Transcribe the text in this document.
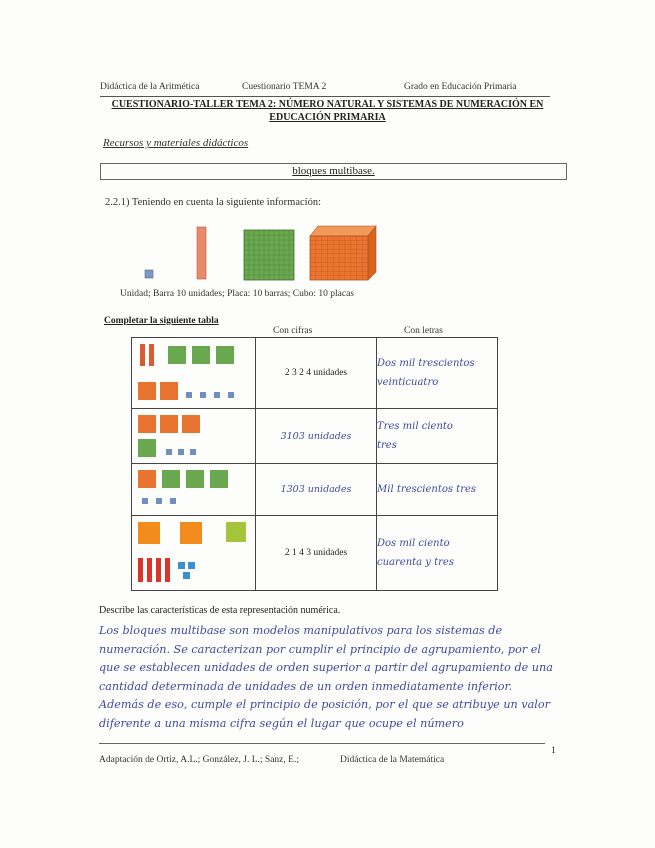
Didáctica de la Aritmética	Cuestionario TEMA 2	Grado en Educación Primaria
CUESTIONARIO-TALLER TEMA 2: NÚMERO NATURAL Y SISTEMAS DE NUMERACIÓN EN EDUCACIÓN PRIMARIA
Recursos y materiales didácticos
bloques multibase.
2.2.1) Teniendo en cuenta la siguiente información:
Unidad; Barra 10 unidades; Placa: 10 barras; Cubo: 10 placas
Completar la siguiente tabla
Con cifras	Con letras
	2 3 2 4 unidades	Dos mil trescientos
veinticuatro

	3103 unidades	Tres mil ciento
tres

	1303 unidades	Mil trescientos tres

	2 1 4 3 unidades	Dos mil ciento
cuarenta y tres
Describe las características de esta representación numérica.
Los bloques multibase son modelos manipulativos para los sistemas de numeración. Se caracterizan por cumplir el principio de agrupamiento, por el que se establecen unidades de orden superior a partir del agrupamiento de una cantidad determinada de unidades de un orden inmediatamente inferior. Además de eso, cumple el principio de posición, por el que se atribuye un valor diferente a una misma cifra según el lugar que ocupe el número
1
Adaptación de Ortiz, A.L.; González, J. L.; Sanz, E.;	Didáctica de la Matemática
